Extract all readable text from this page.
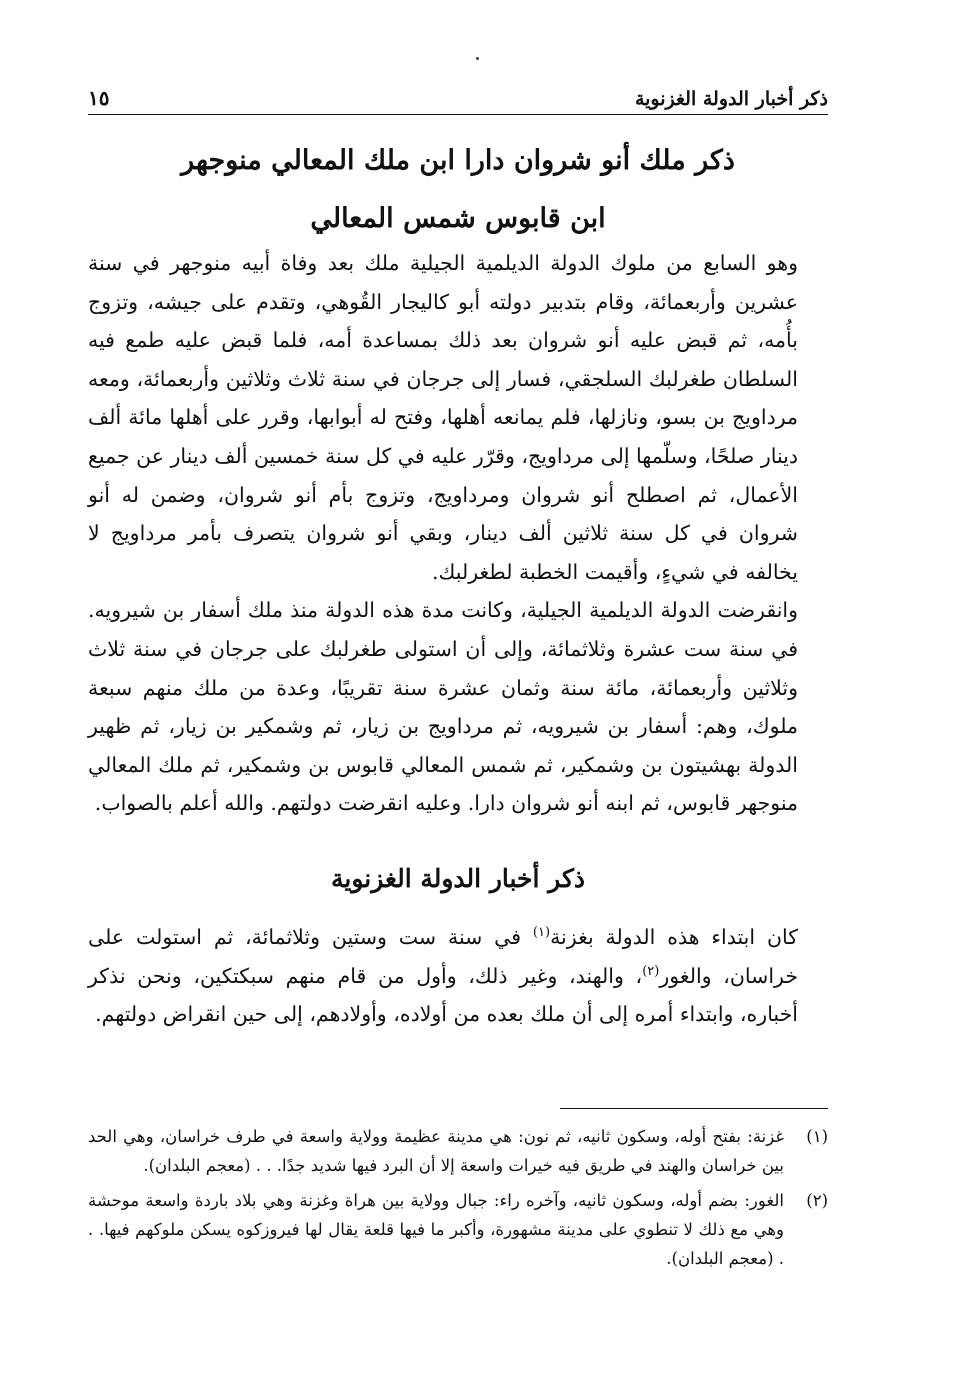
ذكر أخبار الدولة الغزنوية
١٥
ذكر ملك أنو شروان دارا ابن ملك المعالي منوجهر
ابن قابوس شمس المعالي

وهو السابع من ملوك الدولة الديلمية الجيلية ملك بعد وفاة أبيه منوجهر في سنة عشرين وأربعمائة، وقام بتدبير دولته أبو كاليجار القُوهي، وتقدم على جيشه، وتزوج بأُمه، ثم قبض عليه أنو شروان بعد ذلك بمساعدة أمه، فلما قبض عليه طمع فيه السلطان طغرلبك السلجقي، فسار إلى جرجان في سنة ثلاث وثلاثين وأربعمائة، ومعه مرداويج بن بسو، ونازلها، فلم يمانعه أهلها، وفتح له أبوابها، وقرر على أهلها مائة ألف دينار صلحًا، وسلّمها إلى مرداويج، وقرّر عليه في كل سنة خمسين ألف دينار عن جميع الأعمال، ثم اصطلح أنو شروان ومرداويج، وتزوج بأم أنو شروان، وضمن له أنو شروان في كل سنة ثلاثين ألف دينار، وبقي أنو شروان يتصرف بأمر مرداويج لا يخالفه في شيءٍ، وأقيمت الخطبة لطغرلبك.

وانقرضت الدولة الديلمية الجيلية، وكانت مدة هذه الدولة منذ ملك أسفار بن شيرويه. في سنة ست عشرة وثلاثمائة، وإلى أن استولى طغرلبك على جرجان في سنة ثلاث وثلاثين وأربعمائة، مائة سنة وثمان عشرة سنة تقريبًا، وعدة من ملك منهم سبعة ملوك، وهم: أسفار بن شيرويه، ثم مرداويج بن زيار، ثم وشمكير بن زيار، ثم ظهير الدولة بهشيتون بن وشمكير، ثم شمس المعالي قابوس بن وشمكير، ثم ملك المعالي منوجهر قابوس، ثم ابنه أنو شروان دارا. وعليه انقرضت دولتهم. والله أعلم بالصواب.

ذكر أخبار الدولة الغزنوية

كان ابتداء هذه الدولة بغزنة$^{(١)}$ في سنة ست وستين وثلاثمائة، ثم استولت على خراسان، والغور$^{(٢)}$، والهند، وغير ذلك، وأول من قام منهم سبكتكين، ونحن نذكر أخباره، وابتداء أمره إلى أن ملك بعده من أولاده، وأولادهم، إلى حين انقراض دولتهم.

(١)
غزنة: بفتح أوله، وسكون ثانيه، ثم نون: هي مدينة عظيمة وولاية واسعة في طرف خراسان، وهي الحد بين خراسان والهند في طريق فيه خيرات واسعة إلا أن البرد فيها شديد جدًا. . . (معجم البلدان).
(٢)
الغور: بضم أوله، وسكون ثانيه، وآخره راء: جبال وولاية بين هراة وغزنة وهي بلاد باردة واسعة موحشة وهي مع ذلك لا تنطوي على مدينة مشهورة، وأكبر ما فيها قلعة يقال لها فيروزكوه يسكن ملوكهم فيها. . . (معجم البلدان).
